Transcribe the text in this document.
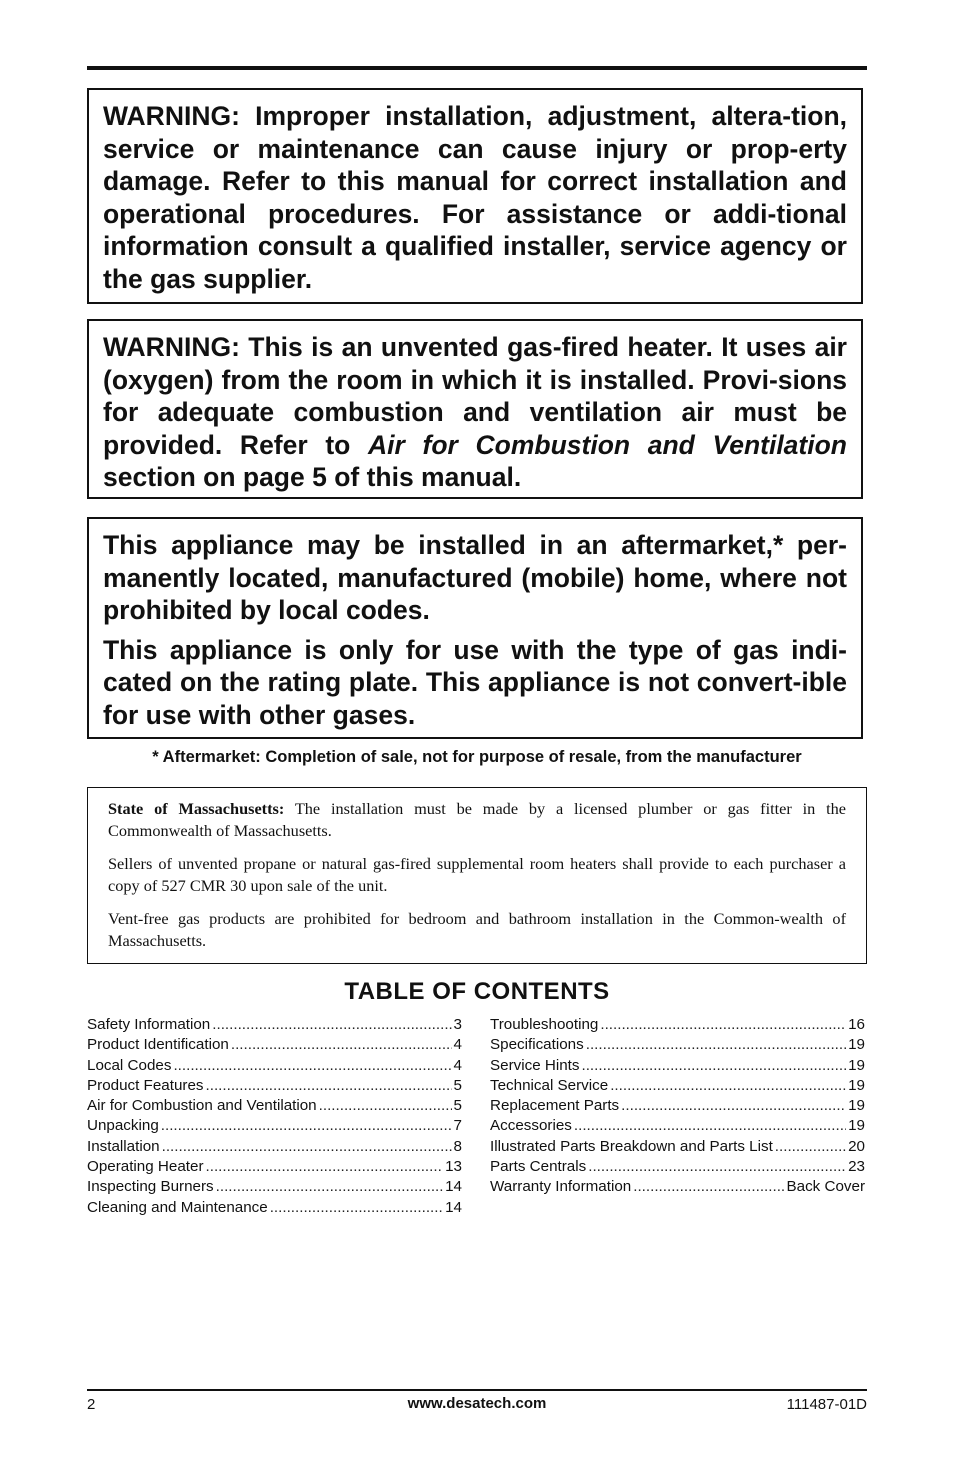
WARNING: Improper installation, adjustment, altera-tion, service or maintenance can cause injury or prop-erty damage. Refer to this manual for correct installation and operational procedures. For assistance or addi-tional information consult a qualified installer, service agency or the gas supplier.

WARNING: This is an unvented gas-fired heater. It uses air (oxygen) from the room in which it is installed. Provi-sions for adequate combustion and ventilation air must be provided. Refer to Air for Combustion and Ventilation section on page 5 of this manual.

This appliance may be installed in an aftermarket,* per-manently located, manufactured (mobile) home, where not prohibited by local codes.

This appliance is only for use with the type of gas indi-cated on the rating plate. This appliance is not convert-ible for use with other gases.

* Aftermarket: Completion of sale, not for purpose of resale, from the manufacturer

State of Massachusetts: The installation must be made by a licensed plumber or gas fitter in the Commonwealth of Massachusetts.

Sellers of unvented propane or natural gas-fired supplemental room heaters shall provide to each purchaser a copy of 527 CMR 30 upon sale of the unit.

Vent-free gas products are prohibited for bedroom and bathroom installation in the Common-wealth of Massachusetts.

TABLE OF CONTENTS
Safety Information .....	3
Product Identification .....	4
Local Codes .....	4
Product Features .....	5
Air for Combustion and Ventilation .....	5
Unpacking .....	7
Installation .....	8
Operating Heater .....	13
Inspecting Burners .....	14
Cleaning and Maintenance .....	14
Troubleshooting .....	16
Specifications .....	19
Service Hints .....	19
Technical Service .....	19
Replacement Parts .....	19
Accessories .....	19
Illustrated Parts Breakdown and Parts List .....	20
Parts Centrals .....	23
Warranty Information .....	Back Cover
2	www.desatech.com	111487-01D
